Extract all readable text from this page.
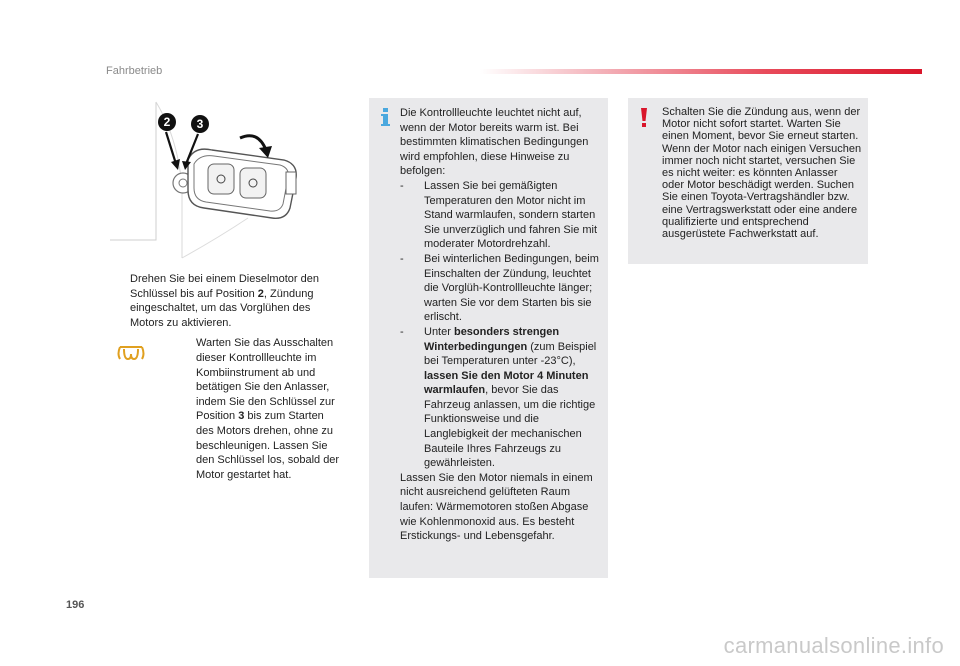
Fahrbetrieb
2 3
Drehen Sie bei einem Dieselmotor den Schlüssel bis auf Position 2, Zündung eingeschaltet, um das Vorglühen des Motors zu aktivieren.
Warten Sie das Ausschalten dieser Kontrollleuchte im Kombiinstrument ab und betätigen Sie den Anlasser, indem Sie den Schlüssel zur Position 3 bis zum Starten des Motors drehen, ohne zu beschleunigen. Lassen Sie den Schlüssel los, sobald der Motor gestartet hat.
Die Kontrollleuchte leuchtet nicht auf, wenn der Motor bereits warm ist. Bei bestimmten klimatischen Bedingungen wird empfohlen, diese Hinweise zu befolgen:
- Lassen Sie bei gemäßigten Temperaturen den Motor nicht im Stand warmlaufen, sondern starten Sie unverzüglich und fahren Sie mit moderater Motordrehzahl.
- Bei winterlichen Bedingungen, beim Einschalten der Zündung, leuchtet die Vorglüh-Kontrollleuchte länger; warten Sie vor dem Starten bis sie erlischt.
- Unter besonders strengen Winterbedingungen (zum Beispiel bei Temperaturen unter -23°C), lassen Sie den Motor 4 Minuten warmlaufen, bevor Sie das Fahrzeug anlassen, um die richtige Funktionsweise und die Langlebigkeit der mechanischen Bauteile Ihres Fahrzeugs zu gewährleisten.
Lassen Sie den Motor niemals in einem nicht ausreichend gelüfteten Raum laufen: Wärmemotoren stoßen Abgase wie Kohlenmonoxid aus. Es besteht Erstickungs- und Lebensgefahr.
Schalten Sie die Zündung aus, wenn der Motor nicht sofort startet. Warten Sie einen Moment, bevor Sie erneut starten. Wenn der Motor nach einigen Versuchen immer noch nicht startet, versuchen Sie es nicht weiter: es könnten Anlasser oder Motor beschädigt werden. Suchen Sie einen Toyota-Vertragshändler bzw. eine Vertragswerkstatt oder eine andere qualifizierte und entsprechend ausgerüstete Fachwerkstatt auf.
196
carmanualsonline.info
